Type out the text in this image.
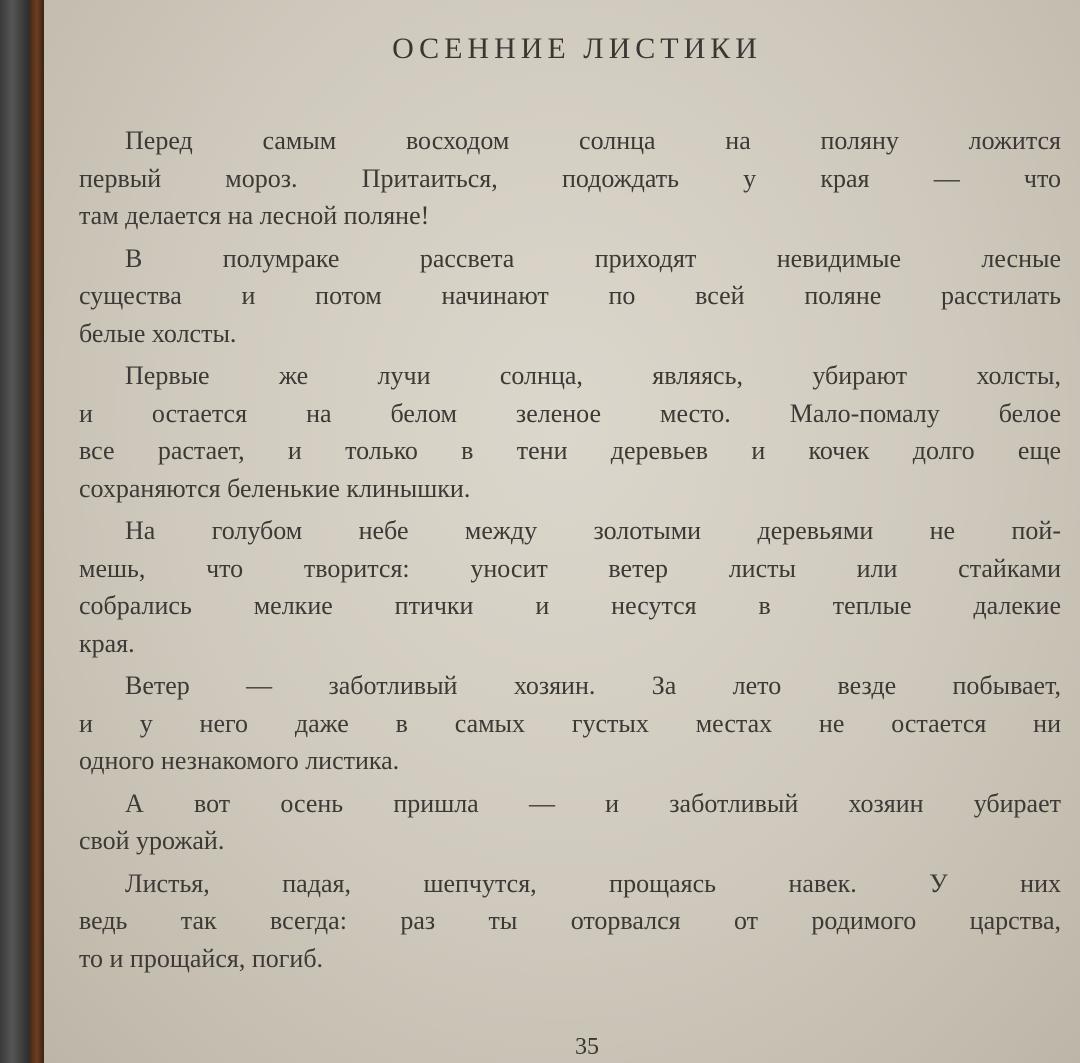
ОСЕННИЕ ЛИСТИКИ
Перед самым восходом солнца на поляну ложится
первый мороз. Притаиться, подождать у края — что
там делается на лесной поляне!
В полумраке рассвета приходят невидимые лесные
существа и потом начинают по всей поляне расстилать
белые холсты.
Первые же лучи солнца, являясь, убирают холсты,
и остается на белом зеленое место. Мало-помалу белое
все растает, и только в тени деревьев и кочек долго еще
сохраняются беленькие клинышки.
На голубом небе между золотыми деревьями не пой-
мешь, что творится: уносит ветер листы или стайками
собрались мелкие птички и несутся в теплые далекие
края.
Ветер — заботливый хозяин. За лето везде побывает,
и у него даже в самых густых местах не остается ни
одного незнакомого листика.
А вот осень пришла — и заботливый хозяин убирает
свой урожай.
Листья, падая, шепчутся, прощаясь навек. У них
ведь так всегда: раз ты оторвался от родимого царства,
то и прощайся, погиб.
35
